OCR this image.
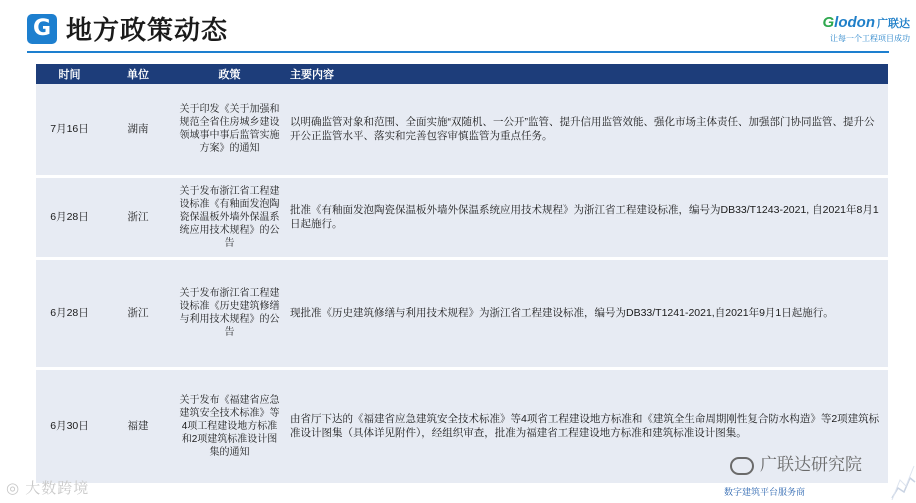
G 地方政策动态	Glodon 广联达
让每一个工程项目成功
时间	单位	政策	主要内容
7月16日	湖南	关于印发《关于加强和规范全省住房城乡建设领域事中事后监管实施方案》的通知	以明确监管对象和范围、全面实施“双随机、一公开”监管、提升信用监管效能、强化市场主体责任、加强部门协同监管、提升公开公正监管水平、落实和完善包容审慎监管为重点任务。
6月28日	浙江	关于发布浙江省工程建设标准《有釉面发泡陶瓷保温板外墙外保温系统应用技术规程》的公告	批准《有釉面发泡陶瓷保温板外墙外保温系统应用技术规程》为浙江省工程建设标准，编号为DB33/T1243-2021, 自2021年8月1日起施行。
6月28日	浙江	关于发布浙江省工程建设标准《历史建筑修缮与利用技术规程》的公告	现批准《历史建筑修缮与利用技术规程》为浙江省工程建设标准，编号为DB33/T1241-2021,自2021年9月1日起施行。
6月30日	福建	关于发布《福建省应急建筑安全技术标准》等4项工程建设地方标准和2项建筑标准设计图集的通知	由省厅下达的《福建省应急建筑安全技术标准》等4项省工程建设地方标准和《建筑全生命周期刚性复合防水构造》等2项建筑标准设计图集（具体详见附件），经组织审查，批准为福建省工程建设地方标准和建筑标准设计图集。
◎ 大数跨境
广联达研究院
数字建筑平台服务商
